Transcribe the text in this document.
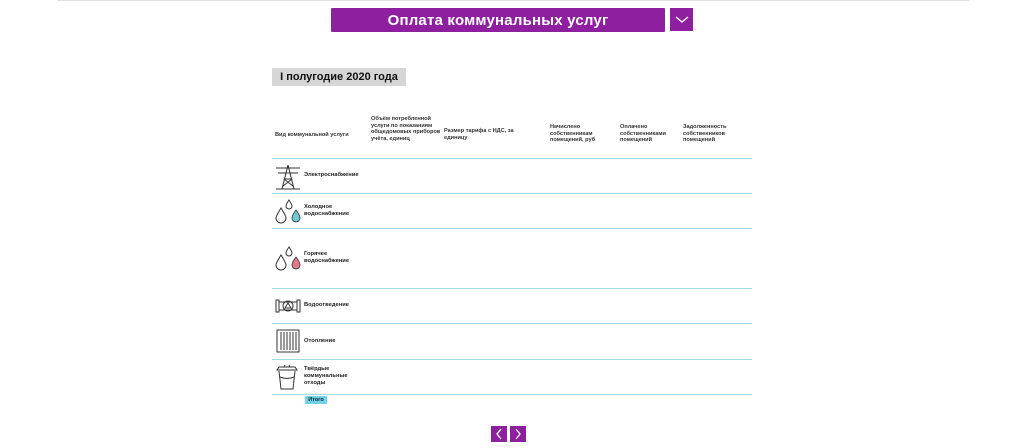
Оплата коммунальных услуг
I полугодие 2020 года
Вид коммунальной услуги
Объём потребленной услуги по показаниям общедомовых приборов учёта, единиц
Размер тарифа с НДС, за единицу
Начислено собственникам помещений, руб
Оплачено собственниками помещений
Задолженность собственников помещений
Электроснабжение
Холодное водоснабжение
Горячее водоснабжение
Водоотведение
Отопление
Твёрдые коммунальные отходы
Итого
